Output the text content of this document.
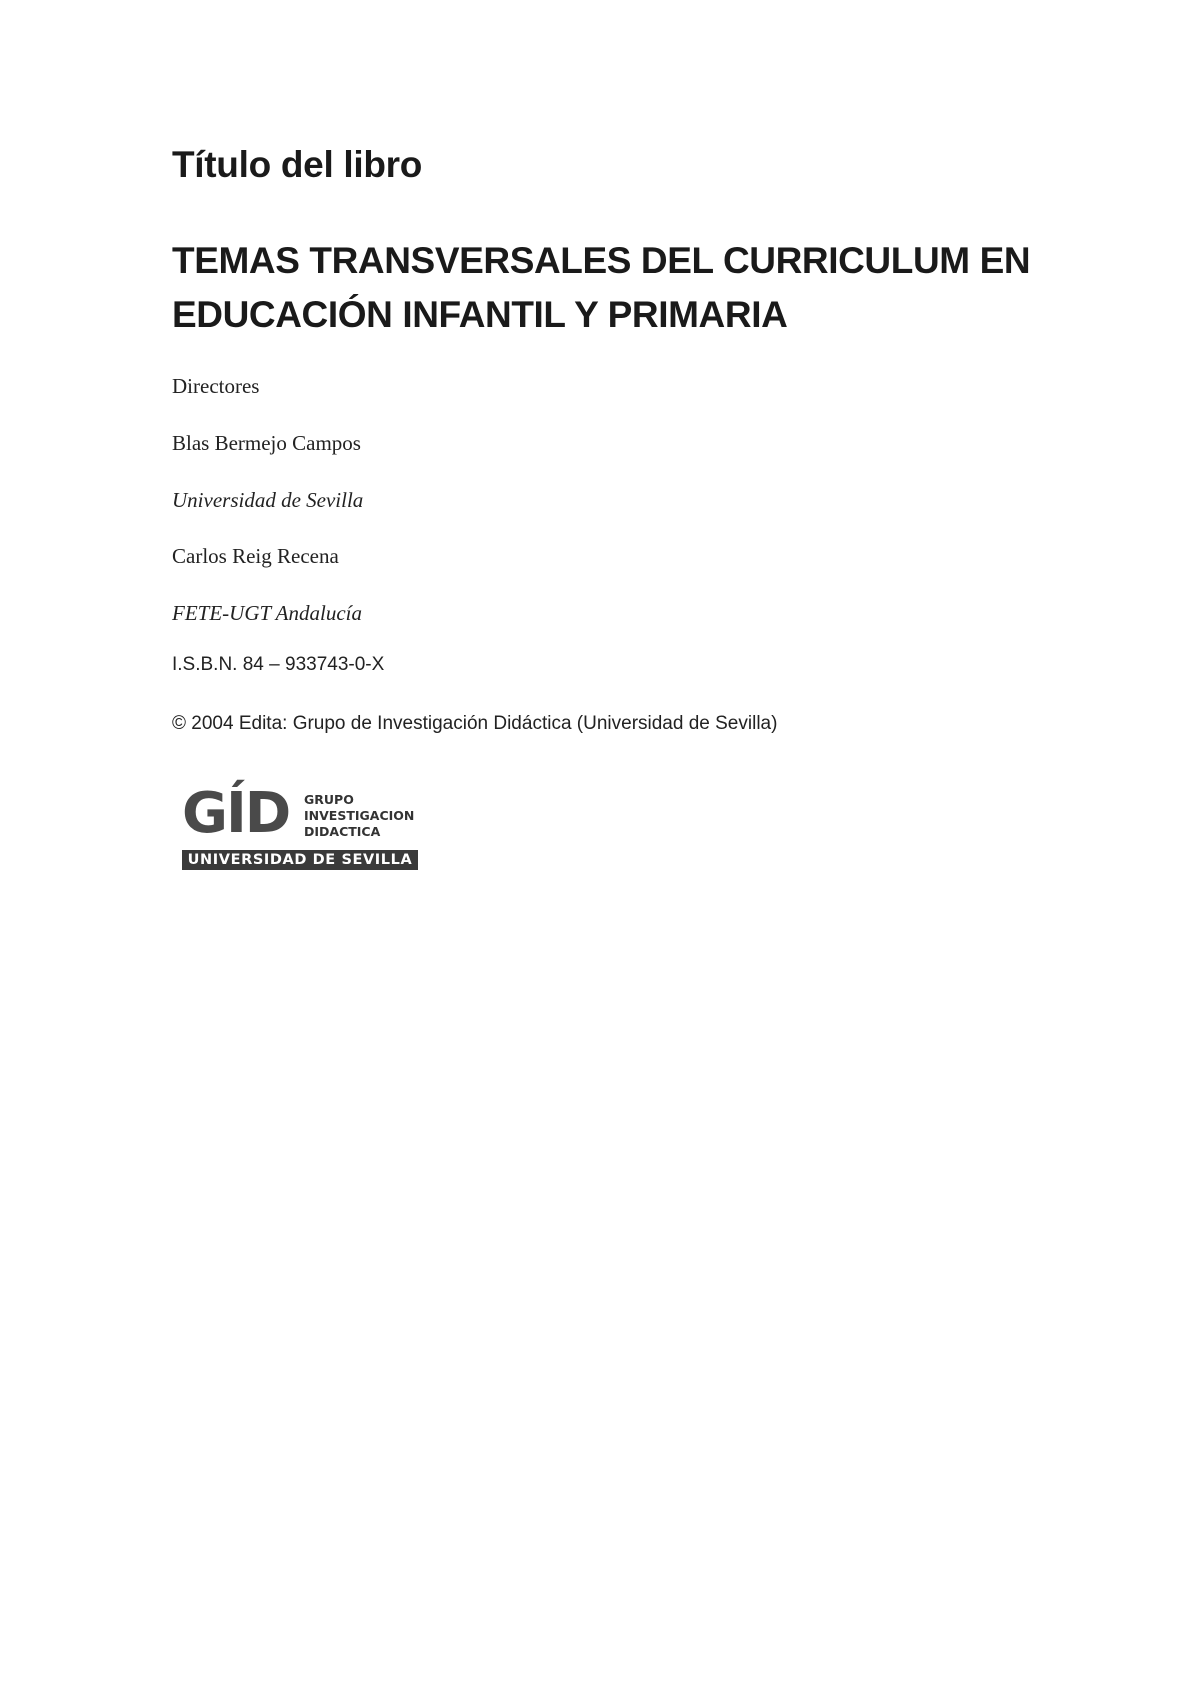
Título del libro
TEMAS TRANSVERSALES DEL CURRICULUM EN
EDUCACIÓN INFANTIL Y PRIMARIA
Directores
Blas Bermejo Campos
Universidad de Sevilla
Carlos Reig Recena
FETE-UGT Andalucía
I.S.B.N. 84 – 933743-0-X
© 2004 Edita: Grupo de Investigación Didáctica (Universidad de Sevilla)
GÍD GRUPO
INVESTIGACION
DIDACTICA
UNIVERSIDAD DE SEVILLA
